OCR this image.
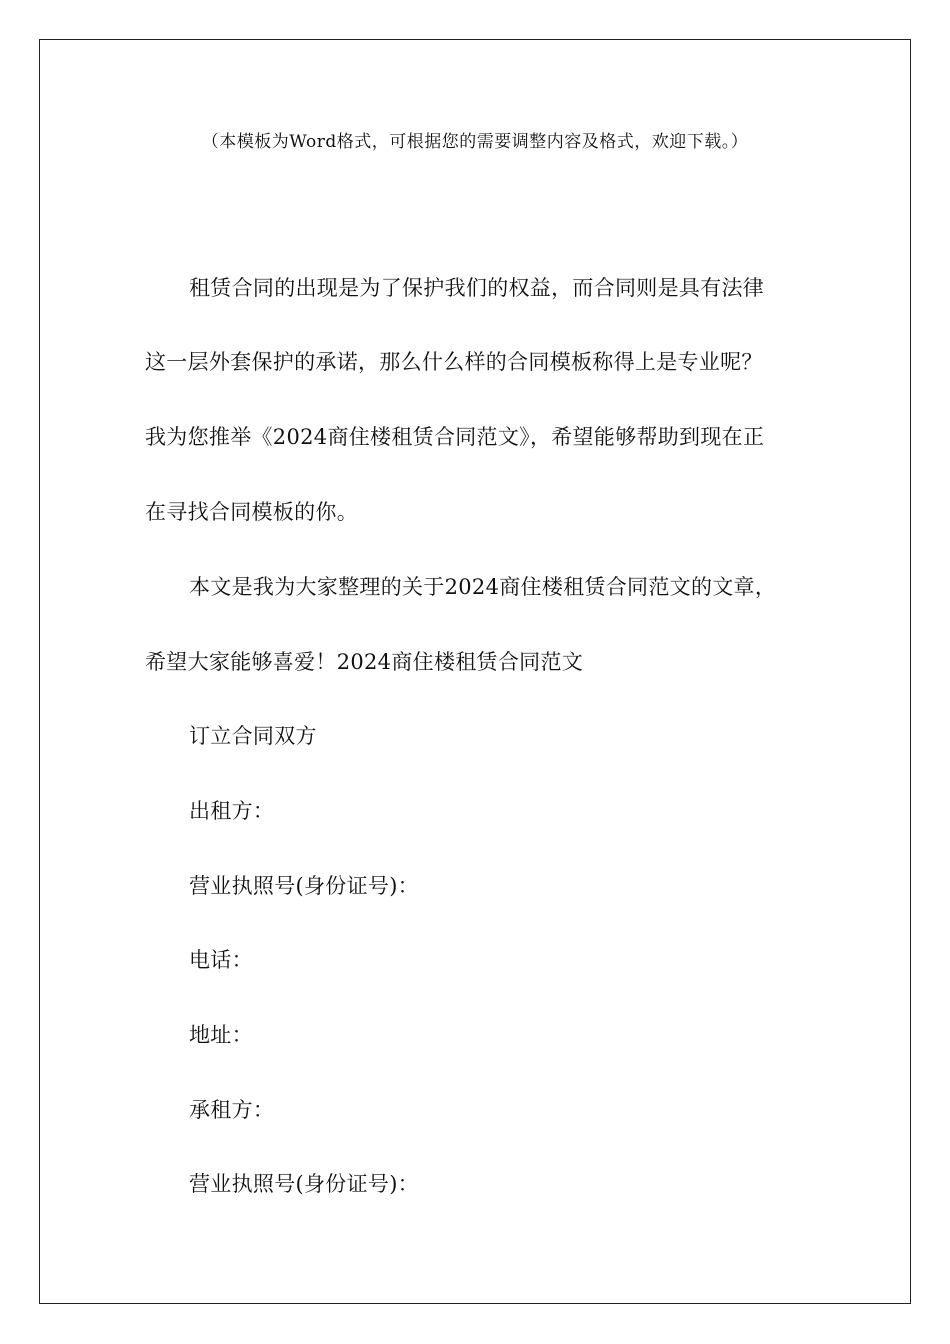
（本模板为Word格式，可根据您的需要调整内容及格式，欢迎下载。）
租赁合同的出现是为了保护我们的权益，而合同则是具有法律
这一层外套保护的承诺，那么什么样的合同模板称得上是专业呢？
我为您推举《2024商住楼租赁合同范文》，希望能够帮助到现在正
在寻找合同模板的你。
本文是我为大家整理的关于2024商住楼租赁合同范文的文章，
希望大家能够喜爱！2024商住楼租赁合同范文
订立合同双方
出租方：
营业执照号(身份证号)：
电话：
地址：
承租方：
营业执照号(身份证号)：
